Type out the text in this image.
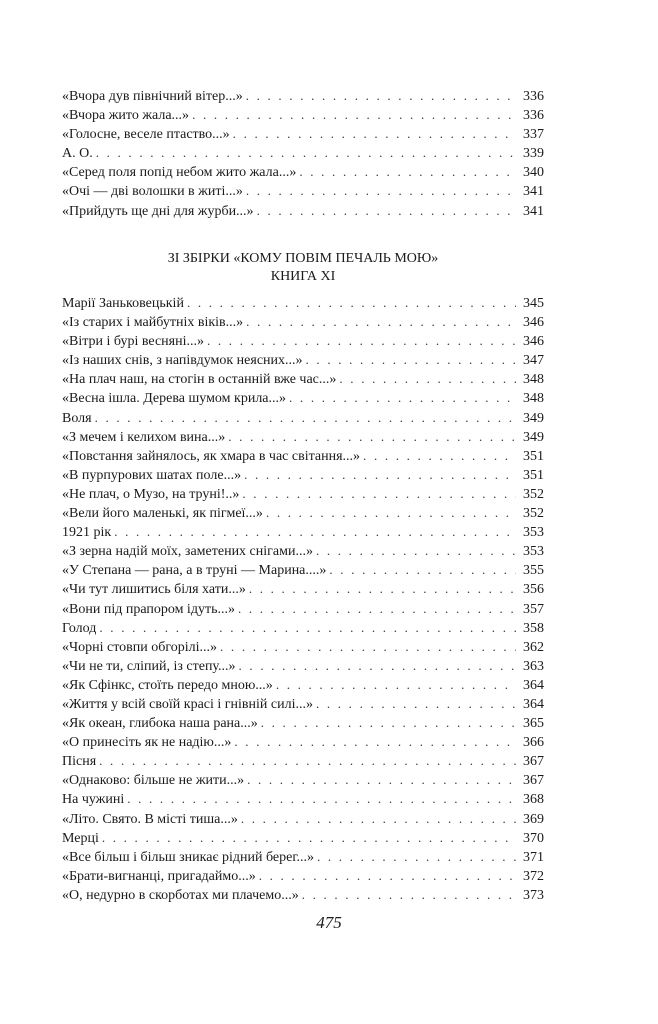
«Вчора дув північний вітер...» . . .	336
«Вчора жито жала...» . . .	336
«Голосне, веселе птаство...» . . .	337
А. О. . . .	339
«Серед поля попід небом жито жала...» . . .	340
«Очі — дві волошки в житі...» . . .	341
«Прийдуть ще дні для журби...» . . .	341
ЗІ ЗБІРКИ «КОМУ ПОВІМ ПЕЧАЛЬ МОЮ»
КНИГА XI
Марії Заньковецькій . . .	345
«Із старих і майбутніх віків...» . . .	346
«Вітри і бурі весняні...» . . .	346
«Із наших снів, з напівдумок неясних...» . . .	347
«На плач наш, на стогін в останній вже час...» . . .	348
«Весна ішла. Дерева шумом крила...» . . .	348
Воля . . .	349
«З мечем і келихом вина...» . . .	349
«Повстання зайнялось, як хмара в час світання...» . . .	351
«В пурпурових шатах поле...» . . .	351
«Не плач, о Музо, на труні!..» . . .	352
«Вели його маленькі, як пігмеї...» . . .	352
1921 рік . . .	353
«З зерна надій моїх, заметених снігами...» . . .	353
«У Степана — рана, а в труні — Марина....» . . .	355
«Чи тут лишитись біля хати...» . . .	356
«Вони під прапором ідуть...» . . .	357
Голод . . .	358
«Чорні стовпи обгорілі...» . . .	362
«Чи не ти, сліпий, із степу...» . . .	363
«Як Сфінкс, стоїть передо мною...» . . .	364
«Життя у всій своїй красі і гнівній силі...» . . .	364
«Як океан, глибока наша рана...» . . .	365
«О принесіть як не надію...» . . .	366
Пісня . . .	367
«Однаково: більше не жити...» . . .	367
На чужині . . .	368
«Літо. Свято. В місті тиша...» . . .	369
Мерці . . .	370
«Все більш і більш зникає рідний берег...» . . .	371
«Брати-вигнанці, пригадаймо...» . . .	372
«О, недурно в скорботах ми плачемо...» . . .	373
475
